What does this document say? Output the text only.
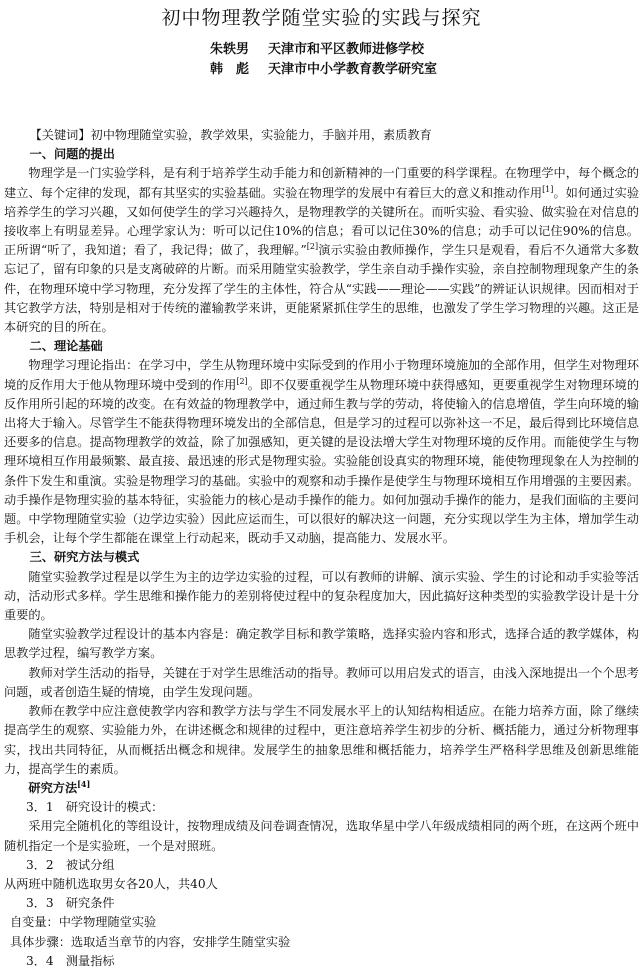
初中物理教学随堂实验的实践与探究
朱轶男 天津市和平区教师进修学校
韩　彪 天津市中小学教育教学研究室

【关键词】初中物理随堂实验，教学效果，实验能力，手脑并用，素质教育

一、问题的提出

物理学是一门实验学科，是有利于培养学生动手能力和创新精神的一门重要的科学课程。在物理学中，每个概念的建立、每个定律的发现，都有其坚实的实验基础。实验在物理学的发展中有着巨大的意义和推动作用[1]。如何通过实验培养学生的学习兴趣，又如何使学生的学习兴趣持久，是物理教学的关键所在。而听实验、看实验、做实验在对信息的接收率上有明显差异。心理学家认为：听可以记住10%的信息；看可以记住30%的信息；动手可以记住90%的信息。正所谓“听了，我知道；看了，我记得；做了，我理解。”[2]演示实验由教师操作，学生只是观看，看后不久通常大多数忘记了，留有印象的只是支离破碎的片断。而采用随堂实验教学，学生亲自动手操作实验，亲自控制物理现象产生的条件，在物理环境中学习物理，充分发挥了学生的主体性，符合从“实践——理论——实践”的辨证认识规律。因而相对于其它教学方法，特别是相对于传统的灌输教学来讲，更能紧紧抓住学生的思维，也激发了学生学习物理的兴趣。这正是本研究的目的所在。

二、理论基础

物理学习理论指出：在学习中，学生从物理环境中实际受到的作用小于物理环境施加的全部作用，但学生对物理环境的反作用大于他从物理环境中受到的作用[2]。即不仅要重视学生从物理环境中获得感知，更要重视学生对物理环境的反作用所引起的环境的改变。在有效益的物理教学中，通过师生教与学的劳动，将使输入的信息增值，学生向环境的输出将大于输入。尽管学生不能获得物理环境发出的全部信息，但是学习的过程可以弥补这一不足，最后得到比环境信息还要多的信息。提高物理教学的效益，除了加强感知，更关键的是设法增大学生对物理环境的反作用。而能使学生与物理环境相互作用最频繁、最直接、最迅速的形式是物理实验。实验能创设真实的物理环境，能使物理现象在人为控制的条件下发生和重演。实验是物理学习的基础。实验中的观察和动手操作是使学生与物理环境相互作用增强的主要因素。动手操作是物理实验的基本特征，实验能力的核心是动手操作的能力。如何加强动手操作的能力，是我们面临的主要问题。中学物理随堂实验（边学边实验）因此应运而生，可以很好的解决这一问题，充分实现以学生为主体，增加学生动手机会，让每个学生都能在课堂上行动起来，既动手又动脑，提高能力、发展水平。

三、研究方法与模式

随堂实验教学过程是以学生为主的边学边实验的过程，可以有教师的讲解、演示实验、学生的讨论和动手实验等活动，活动形式多样。学生思维和操作能力的差别将使过程中的复杂程度加大，因此搞好这种类型的实验教学设计是十分重要的。

随堂实验教学过程设计的基本内容是：确定教学目标和教学策略，选择实验内容和形式，选择合适的教学媒体，构思教学过程，编写教学方案。

教师对学生活动的指导，关键在于对学生思维活动的指导。教师可以用启发式的语言，由浅入深地提出一个个思考问题，或者创造生疑的情境，由学生发现问题。

教师在教学中应注意使教学内容和教学方法与学生不同发展水平上的认知结构相适应。在能力培养方面，除了继续提高学生的观察、实验能力外，在讲述概念和规律的过程中，更注意培养学生初步的分析、概括能力，通过分析物理事实，找出共同特征，从而概括出概念和规律。发展学生的抽象思维和概括能力，培养学生严格科学思维及创新思维能力，提高学生的素质。

研究方法[4]

3．1　研究设计的模式：

采用完全随机化的等组设计，按物理成绩及问卷调查情况，选取华星中学八年级成绩相同的两个班，在这两个班中随机指定一个是实验班，一个是对照班。

3．2　被试分组

从两班中随机选取男女各20人，共40人

3．3　研究条件

自变量：中学物理随堂实验

具体步骤：选取适当章节的内容，安排学生随堂实验

3．4　测量指标
